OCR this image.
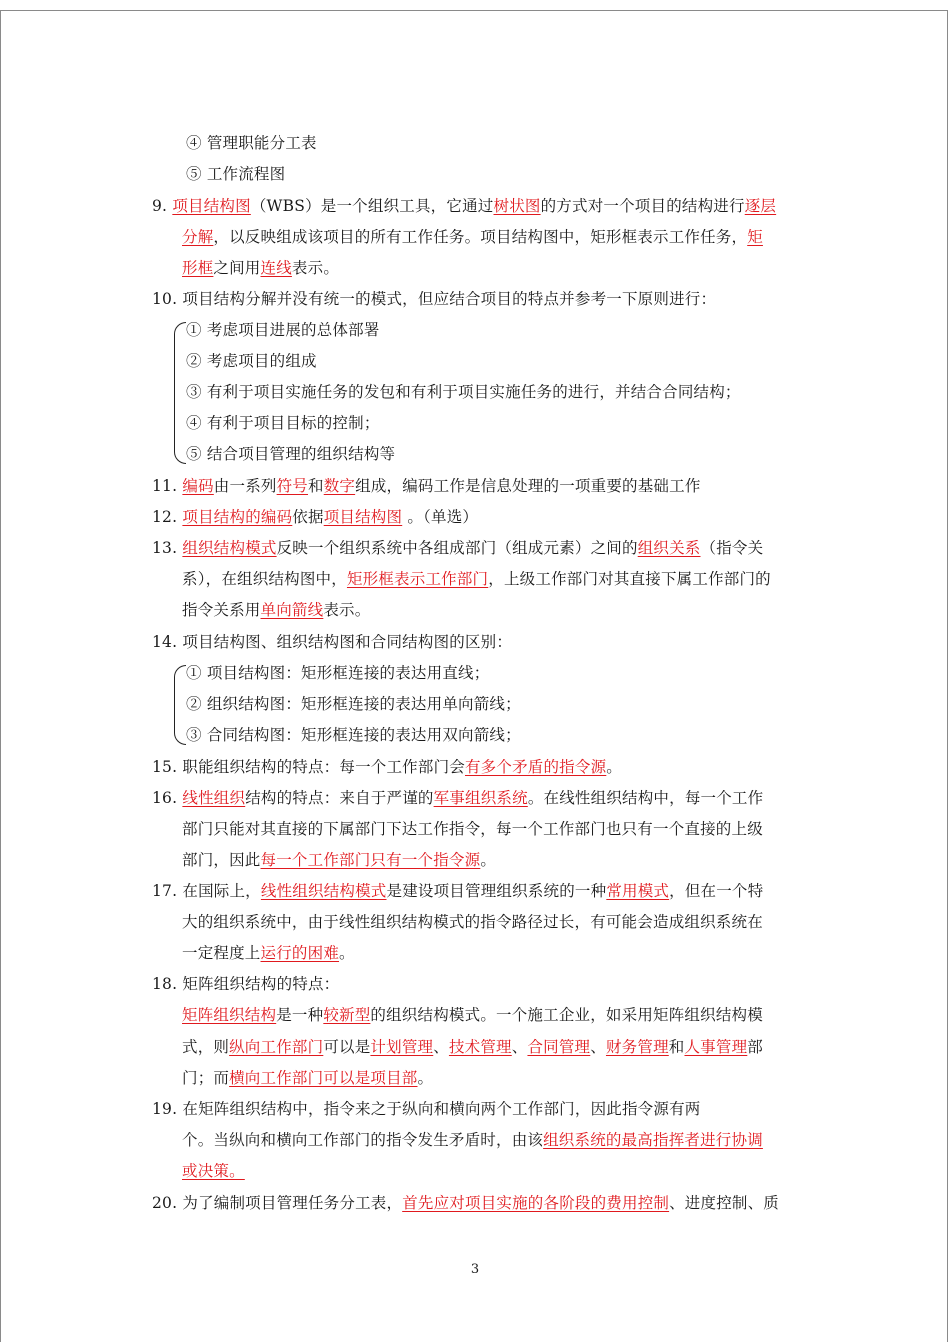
④ 管理职能分工表
⑤ 工作流程图
9. 项目结构图（WBS）是一个组织工具，它通过树状图的方式对一个项目的结构进行逐层
分解，以反映组成该项目的所有工作任务。项目结构图中，矩形框表示工作任务，矩
形框之间用连线表示。
10. 项目结构分解并没有统一的模式，但应结合项目的特点并参考一下原则进行：
① 考虑项目进展的总体部署
② 考虑项目的组成
③ 有利于项目实施任务的发包和有利于项目实施任务的进行，并结合合同结构；
④ 有利于项目目标的控制；
⑤ 结合项目管理的组织结构等
11. 编码由一系列符号和数字组成，编码工作是信息处理的一项重要的基础工作
12. 项目结构的编码依据项目结构图 。（单选）
13. 组织结构模式反映一个组织系统中各组成部门（组成元素）之间的组织关系（指令关
系），在组织结构图中，矩形框表示工作部门，上级工作部门对其直接下属工作部门的
指令关系用单向箭线表示。
14. 项目结构图、组织结构图和合同结构图的区别：
① 项目结构图：矩形框连接的表达用直线；
② 组织结构图：矩形框连接的表达用单向箭线；
③ 合同结构图：矩形框连接的表达用双向箭线；
15. 职能组织结构的特点：每一个工作部门会有多个矛盾的指令源。
16. 线性组织结构的特点：来自于严谨的军事组织系统。在线性组织结构中，每一个工作
部门只能对其直接的下属部门下达工作指令，每一个工作部门也只有一个直接的上级
部门，因此每一个工作部门只有一个指令源。
17. 在国际上，线性组织结构模式是建设项目管理组织系统的一种常用模式，但在一个特
大的组织系统中，由于线性组织结构模式的指令路径过长，有可能会造成组织系统在
一定程度上运行的困难。
18. 矩阵组织结构的特点：
矩阵组织结构是一种较新型的组织结构模式。一个施工企业，如采用矩阵组织结构模
式，则纵向工作部门可以是计划管理、技术管理、合同管理、财务管理和人事管理部
门；而横向工作部门可以是项目部。
19. 在矩阵组织结构中，指令来之于纵向和横向两个工作部门，因此指令源有两
个。当纵向和横向工作部门的指令发生矛盾时，由该组织系统的最高指挥者进行协调
或决策。
20. 为了编制项目管理任务分工表，首先应对项目实施的各阶段的费用控制、进度控制、质
3
